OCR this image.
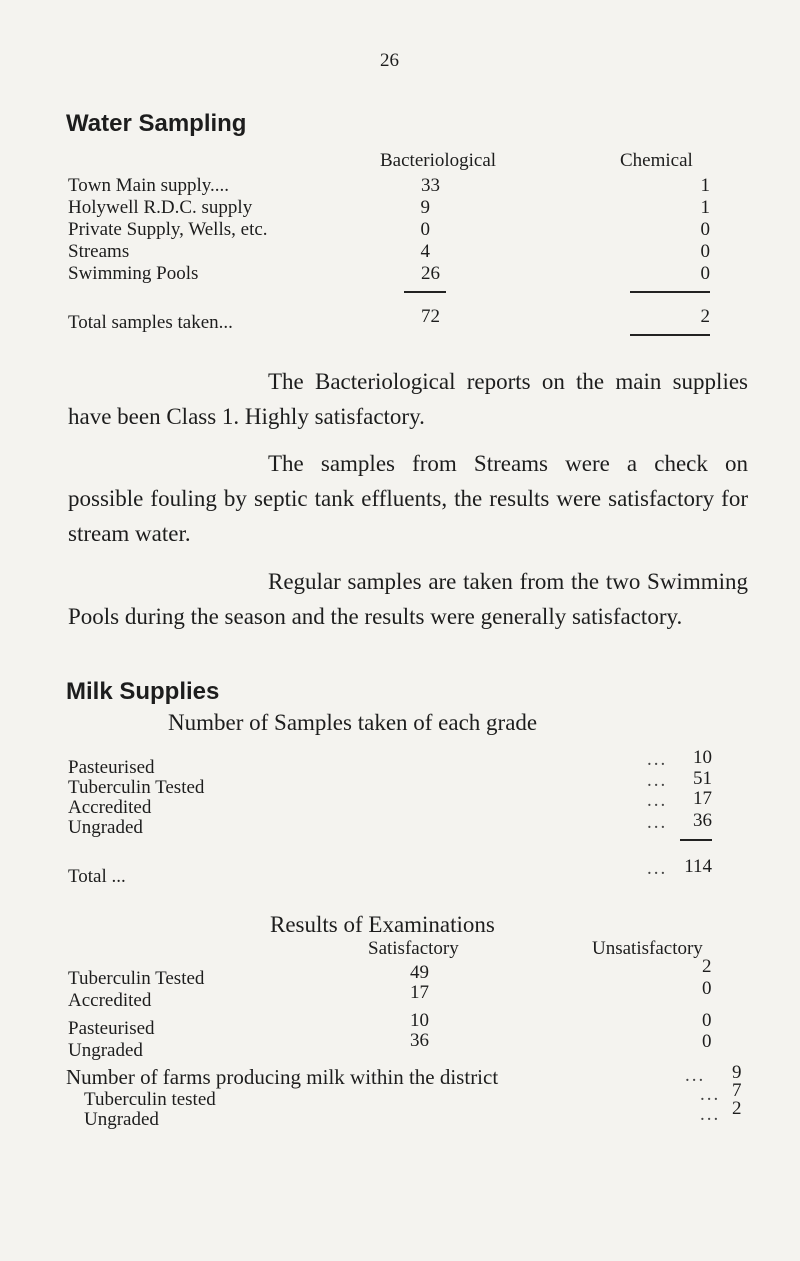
26
Water Sampling
Bacteriological	Chemical
Town Main supply....	33	1
Holywell R.D.C. supply	9	1
Private Supply, Wells, etc.	0	0
Streams	4	0
Swimming Pools	26	0
Total samples taken...	72	2
The Bacteriological reports on the main supplies have been Class 1. Highly satisfactory.
The samples from Streams were a check on possible fouling by septic tank effluents, the results were satisfactory for stream water.
Regular samples are taken from the two Swimming Pools during the season and the results were generally satisfactory.
Milk Supplies
Number of Samples taken of each grade
Pasteurised	...	10
Tuberculin Tested	...	51
Accredited	...	17
Ungraded	...	36
Total ...	... 114
Results of Examinations
Satisfactory	Unsatisfactory
Tuberculin Tested	49	2
Accredited	17	0
Pasteurised	10	0
Ungraded	36	0
Number of farms producing milk within the district	... 9
Tuberculin tested	... 7
Ungraded	... 2
